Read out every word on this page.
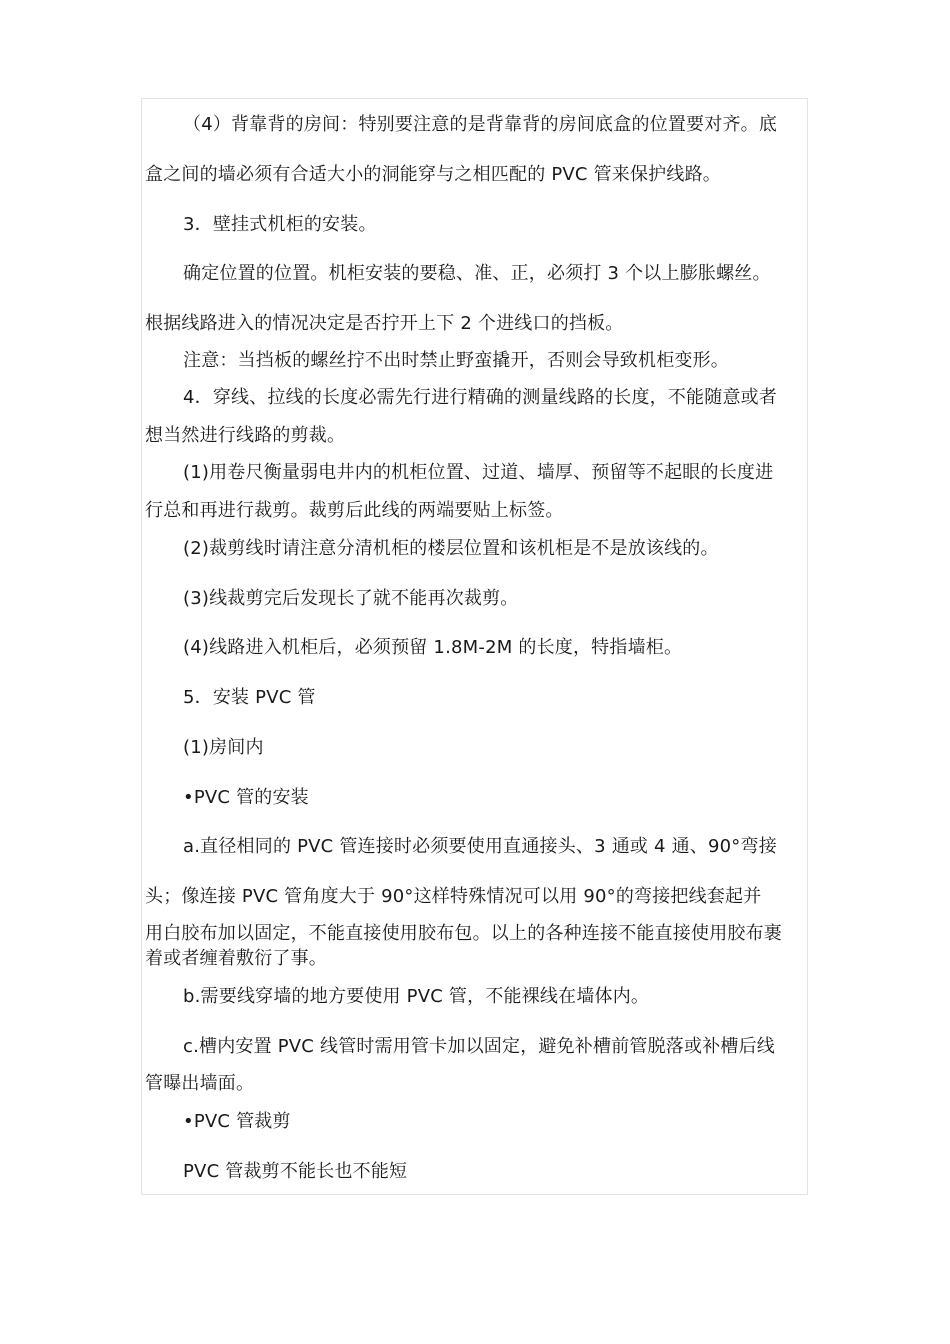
（4）背靠背的房间：特别要注意的是背靠背的房间底盒的位置要对齐。底
盒之间的墙必须有合适大小的洞能穿与之相匹配的 PVC 管来保护线路。
3．壁挂式机柜的安装。
确定位置的位置。机柜安装的要稳、准、正，必须打 3 个以上膨胀螺丝。
根据线路进入的情况决定是否拧开上下 2 个进线口的挡板。
注意：当挡板的螺丝拧不出时禁止野蛮撬开，否则会导致机柜变形。
4．穿线、拉线的长度必需先行进行精确的测量线路的长度，不能随意或者
想当然进行线路的剪裁。
(1)用卷尺衡量弱电井内的机柜位置、过道、墙厚、预留等不起眼的长度进
行总和再进行裁剪。裁剪后此线的两端要贴上标签。
(2)裁剪线时请注意分清机柜的楼层位置和该机柜是不是放该线的。
(3)线裁剪完后发现长了就不能再次裁剪。
(4)线路进入机柜后，必须预留 1.8M-2M 的长度，特指墙柜。
5．安装 PVC 管
(1)房间内
•PVC 管的安装
a.直径相同的 PVC 管连接时必须要使用直通接头、3 通或 4 通、90°弯接
头；像连接 PVC 管角度大于 90°这样特殊情况可以用 90°的弯接把线套起并
用白胶布加以固定，不能直接使用胶布包。以上的各种连接不能直接使用胶布裹
着或者缠着敷衍了事。
b.需要线穿墙的地方要使用 PVC 管，不能裸线在墙体内。
c.槽内安置 PVC 线管时需用管卡加以固定，避免补槽前管脱落或补槽后线
管曝出墙面。
•PVC 管裁剪
PVC 管裁剪不能长也不能短
